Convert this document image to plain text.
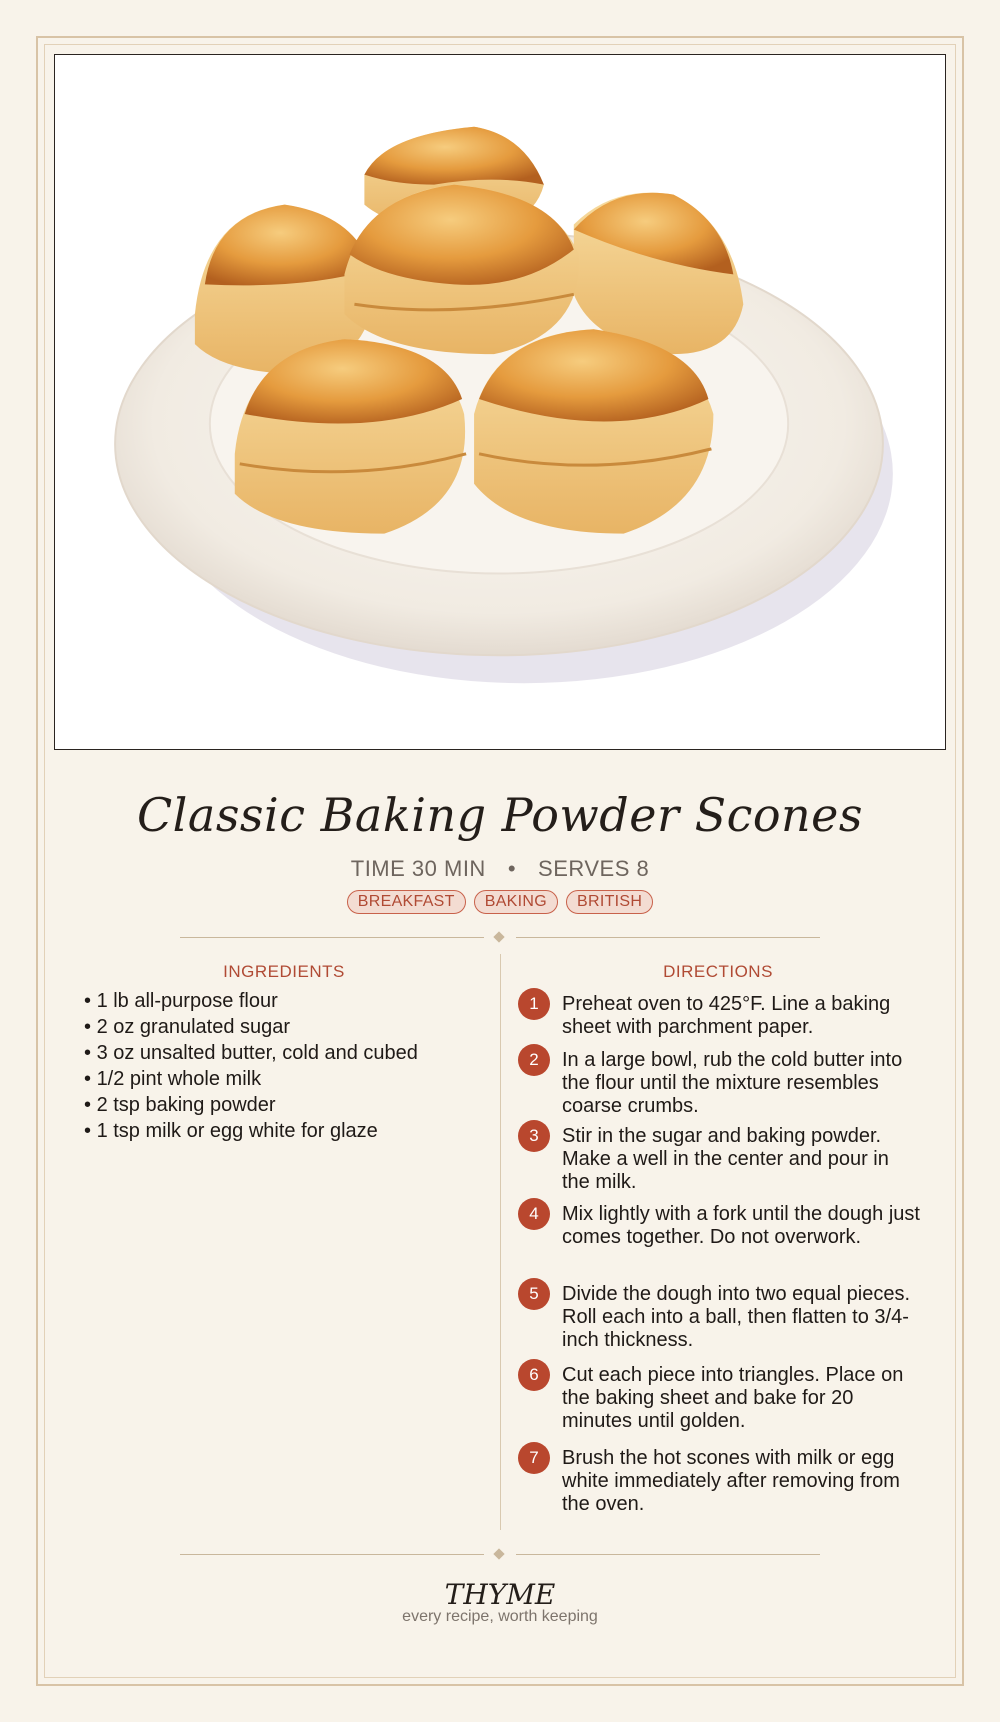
Classic Baking Powder Scones
TIME 30 MIN • SERVES 8
BREAKFAST	BAKING	BRITISH
INGREDIENTS
• 1 lb all-purpose flour
• 2 oz granulated sugar
• 3 oz unsalted butter, cold and cubed
• 1/2 pint whole milk
• 2 tsp baking powder
• 1 tsp milk or egg white for glaze
DIRECTIONS
1	Preheat oven to 425°F. Line a baking sheet with parchment paper.
2	In a large bowl, rub the cold butter into the flour until the mixture resembles coarse crumbs.
3	Stir in the sugar and baking powder. Make a well in the center and pour in the milk.
4	Mix lightly with a fork until the dough just comes together. Do not overwork.
5	Divide the dough into two equal pieces. Roll each into a ball, then flatten to 3/4-inch thickness.
6	Cut each piece into triangles. Place on the baking sheet and bake for 20 minutes until golden.
7	Brush the hot scones with milk or egg white immediately after removing from the oven.
THYME
every recipe, worth keeping
